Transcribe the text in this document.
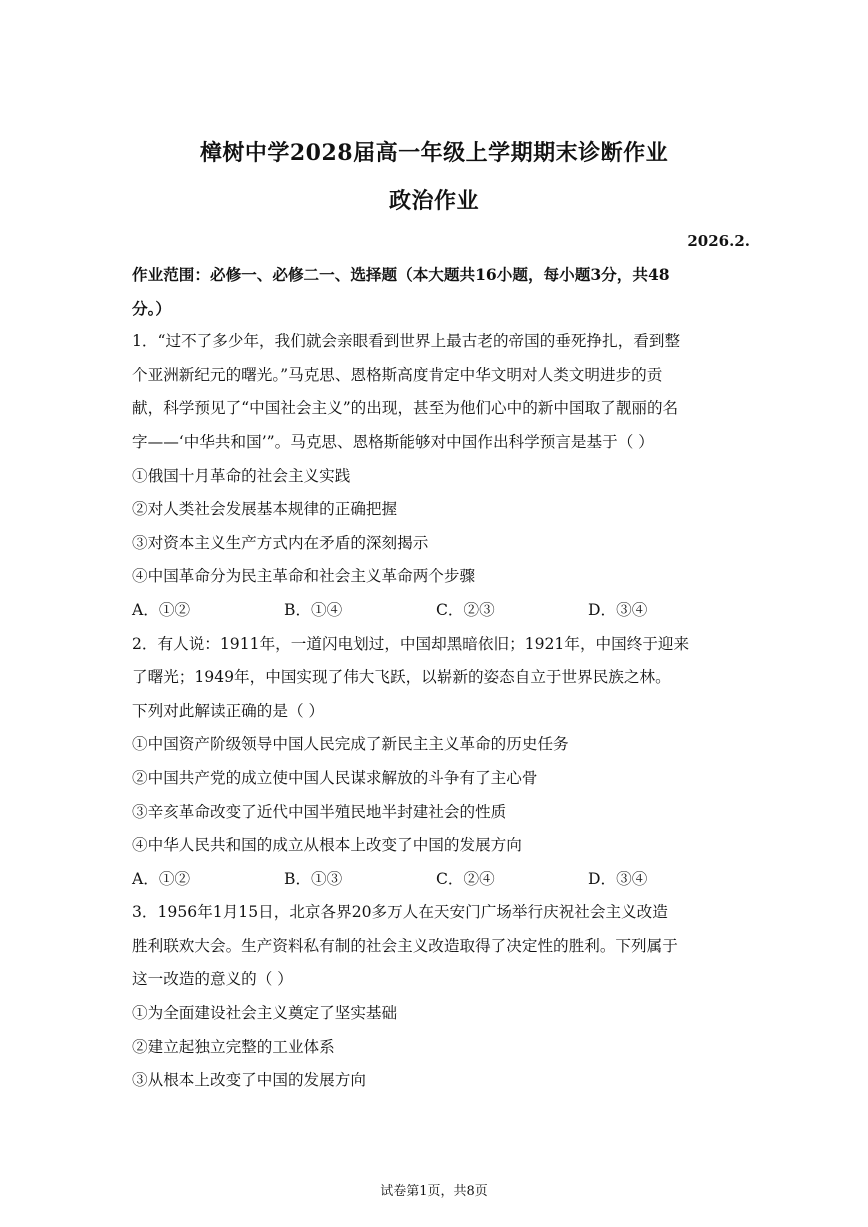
樟树中学2028届高一年级上学期期末诊断作业
政治作业
2026.2.
作业范围：必修一、必修二一、选择题（本大题共16小题，每小题3分，共48
分。）
1．“过不了多少年，我们就会亲眼看到世界上最古老的帝国的垂死挣扎，看到整
个亚洲新纪元的曙光。”马克思、恩格斯高度肯定中华文明对人类文明进步的贡
献，科学预见了“中国社会主义”的出现，甚至为他们心中的新中国取了靓丽的名
字——‘中华共和国’”。马克思、恩格斯能够对中国作出科学预言是基于（ ）
①俄国十月革命的社会主义实践
②对人类社会发展基本规律的正确把握
③对资本主义生产方式内在矛盾的深刻揭示
④中国革命分为民主革命和社会主义革命两个步骤
A．①②	B．①④	C．②③	D．③④
2．有人说：1911年，一道闪电划过，中国却黑暗依旧；1921年，中国终于迎来
了曙光；1949年，中国实现了伟大飞跃，以崭新的姿态自立于世界民族之林。
下列对此解读正确的是（ ）
①中国资产阶级领导中国人民完成了新民主主义革命的历史任务
②中国共产党的成立使中国人民谋求解放的斗争有了主心骨
③辛亥革命改变了近代中国半殖民地半封建社会的性质
④中华人民共和国的成立从根本上改变了中国的发展方向
A．①②	B．①③	C．②④	D．③④
3．1956年1月15日，北京各界20多万人在天安门广场举行庆祝社会主义改造
胜利联欢大会。生产资料私有制的社会主义改造取得了决定性的胜利。下列属于
这一改造的意义的（ ）
①为全面建设社会主义奠定了坚实基础
②建立起独立完整的工业体系
③从根本上改变了中国的发展方向
试卷第1页，共8页
